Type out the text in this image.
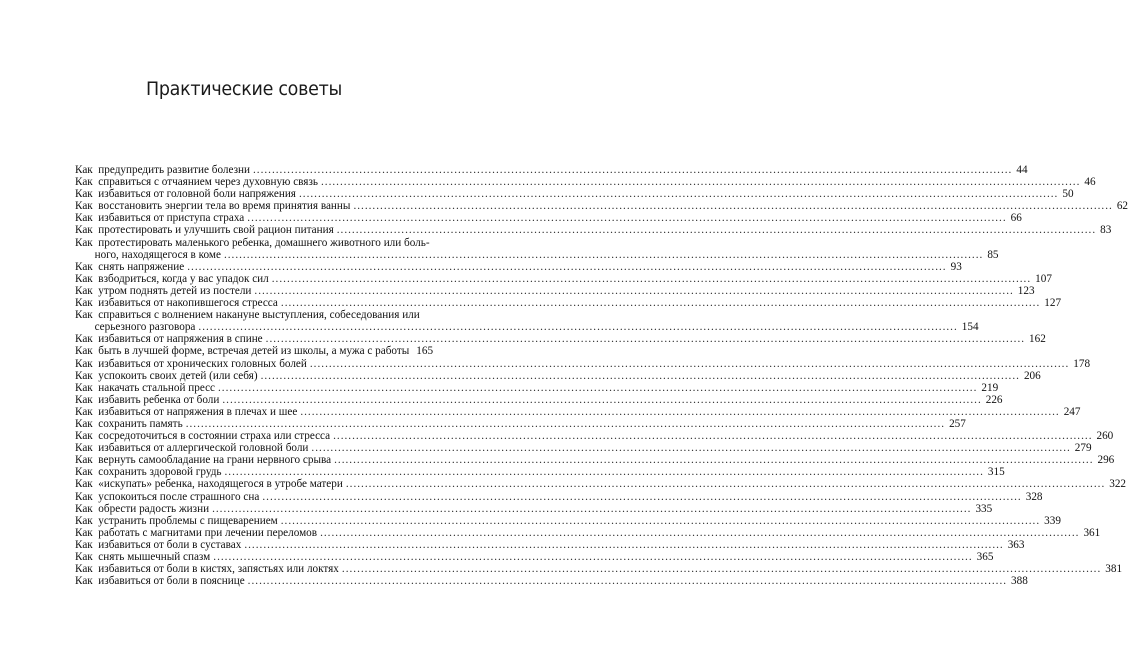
Практические советы
Как  предупредить развитие болезни ........................................................................................................................................................................................................ 44
Как  справиться с отчаянием через духовную связь ........................................................................................................................................................................................................ 46
Как  избавиться от головной боли напряжения ........................................................................................................................................................................................................ 50
Как  восстановить энергии тела во время принятия ванны ........................................................................................................................................................................................................ 62
Как  избавиться от приступа страха ........................................................................................................................................................................................................ 66
Как  протестировать и улучшить свой рацион питания ........................................................................................................................................................................................................ 83
Как  протестировать маленького ребенка, домашнего животного или боль-
ного, находящегося в коме ........................................................................................................................................................................................................ 85
Как  снять напряжение ........................................................................................................................................................................................................ 93
Как  взбодриться, когда у вас упадок сил ........................................................................................................................................................................................................ 107
Как  утром поднять детей из постели ........................................................................................................................................................................................................ 123
Как  избавиться от накопившегося стресса ........................................................................................................................................................................................................ 127
Как  справиться с волнением накануне выступления, собеседования или
серьезного разговора ........................................................................................................................................................................................................ 154
Как  избавиться от напряжения в спине ........................................................................................................................................................................................................ 162
Как  быть в лучшей форме, встречая детей из школы, а мужа с работы 165
Как  избавиться от хронических головных болей ........................................................................................................................................................................................................ 178
Как  успокоить своих детей (или себя) ........................................................................................................................................................................................................ 206
Как  накачать стальной пресс ........................................................................................................................................................................................................ 219
Как  избавить ребенка от боли ........................................................................................................................................................................................................ 226
Как  избавиться от напряжения в плечах и шее ........................................................................................................................................................................................................ 247
Как  сохранить память ........................................................................................................................................................................................................ 257
Как  сосредоточиться в состоянии страха или стресса ........................................................................................................................................................................................................ 260
Как  избавиться от аллергической головной боли ........................................................................................................................................................................................................ 279
Как  вернуть самообладание на грани нервного срыва ........................................................................................................................................................................................................ 296
Как  сохранить здоровой грудь ........................................................................................................................................................................................................ 315
Как  «искупать» ребенка, находящегося в утробе матери ........................................................................................................................................................................................................ 322
Как  успокоиться после страшного сна ........................................................................................................................................................................................................ 328
Как  обрести радость жизни ........................................................................................................................................................................................................ 335
Как  устранить проблемы с пищеварением ........................................................................................................................................................................................................ 339
Как  работать с магнитами при лечении переломов ........................................................................................................................................................................................................ 361
Как  избавиться от боли в суставах ........................................................................................................................................................................................................ 363
Как  снять мышечный спазм ........................................................................................................................................................................................................ 365
Как  избавиться от боли в кистях, запястьях или локтях ........................................................................................................................................................................................................ 381
Как  избавиться от боли в пояснице ........................................................................................................................................................................................................ 388
